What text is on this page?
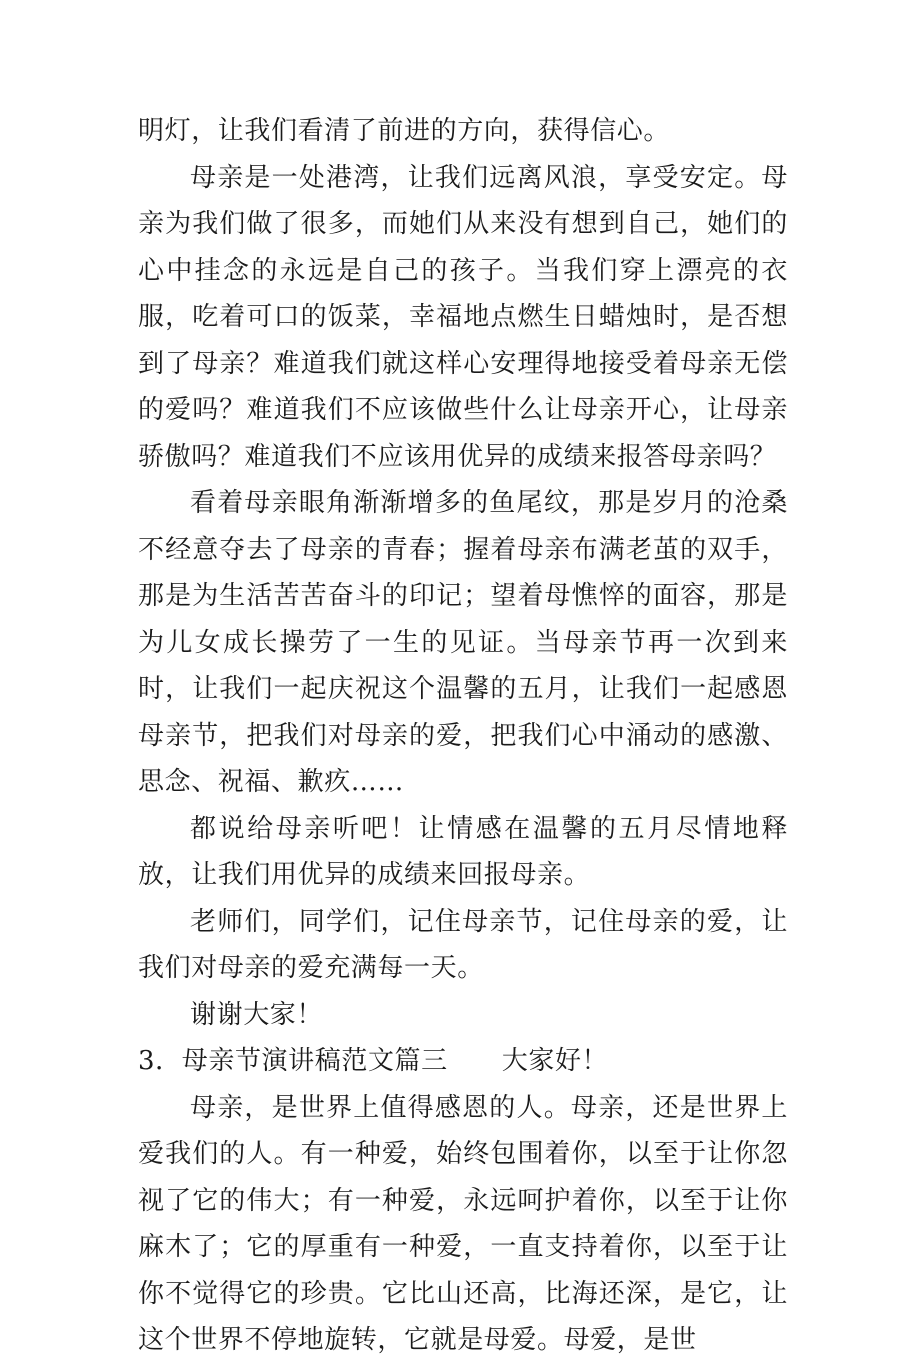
明灯，让我们看清了前进的方向，获得信心。

母亲是一处港湾，让我们远离风浪，享受安定。母亲为我们做了很多，而她们从来没有想到自己，她们的心中挂念的永远是自己的孩子。当我们穿上漂亮的衣服，吃着可口的饭菜，幸福地点燃生日蜡烛时，是否想到了母亲？难道我们就这样心安理得地接受着母亲无偿的爱吗？难道我们不应该做些什么让母亲开心，让母亲骄傲吗？难道我们不应该用优异的成绩来报答母亲吗？

看着母亲眼角渐渐增多的鱼尾纹，那是岁月的沧桑不经意夺去了母亲的青春；握着母亲布满老茧的双手，那是为生活苦苦奋斗的印记；望着母憔悴的面容，那是为儿女成长操劳了一生的见证。当母亲节再一次到来时，让我们一起庆祝这个温馨的五月，让我们一起感恩母亲节，把我们对母亲的爱，把我们心中涌动的感激、思念、祝福、歉疚……

都说给母亲听吧！让情感在温馨的五月尽情地释放，让我们用优异的成绩来回报母亲。

老师们，同学们，记住母亲节，记住母亲的爱，让我们对母亲的爱充满每一天。

谢谢大家！

3．母亲节演讲稿范文篇三 大家好！

母亲，是世界上值得感恩的人。母亲，还是世界上爱我们的人。有一种爱，始终包围着你，以至于让你忽视了它的伟大；有一种爱，永远呵护着你，以至于让你麻木了；它的厚重有一种爱，一直支持着你，以至于让你不觉得它的珍贵。它比山还高，比海还深，是它，让这个世界不停地旋转，它就是母爱。母爱，是世
